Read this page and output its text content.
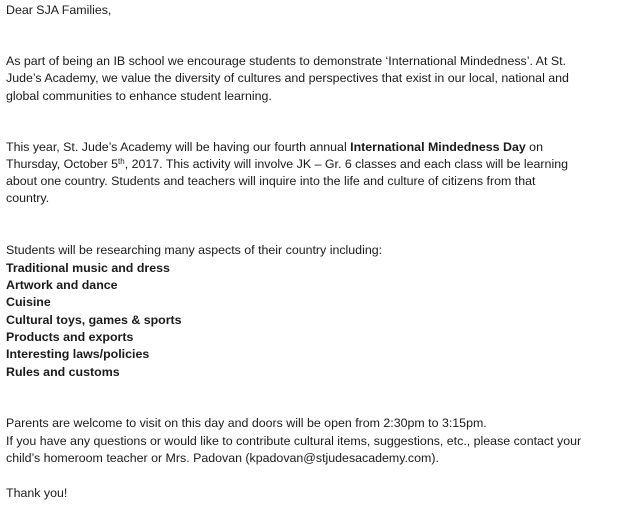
Dear SJA Families,
As part of being an IB school we encourage students to demonstrate ‘International Mindedness’. At St.
Jude’s Academy, we value the diversity of cultures and perspectives that exist in our local, national and
global communities to enhance student learning.
This year, St. Jude’s Academy will be having our fourth annual International Mindedness Day on
Thursday, October 5th, 2017. This activity will involve JK – Gr. 6 classes and each class will be learning
about one country. Students and teachers will inquire into the life and culture of citizens from that
country.
Students will be researching many aspects of their country including:
Traditional music and dress
Artwork and dance
Cuisine
Cultural toys, games & sports
Products and exports
Interesting laws/policies
Rules and customs
Parents are welcome to visit on this day and doors will be open from 2:30pm to 3:15pm.
If you have any questions or would like to contribute cultural items, suggestions, etc., please contact your
child’s homeroom teacher or Mrs. Padovan (kpadovan@stjudesacademy.com).
Thank you!
